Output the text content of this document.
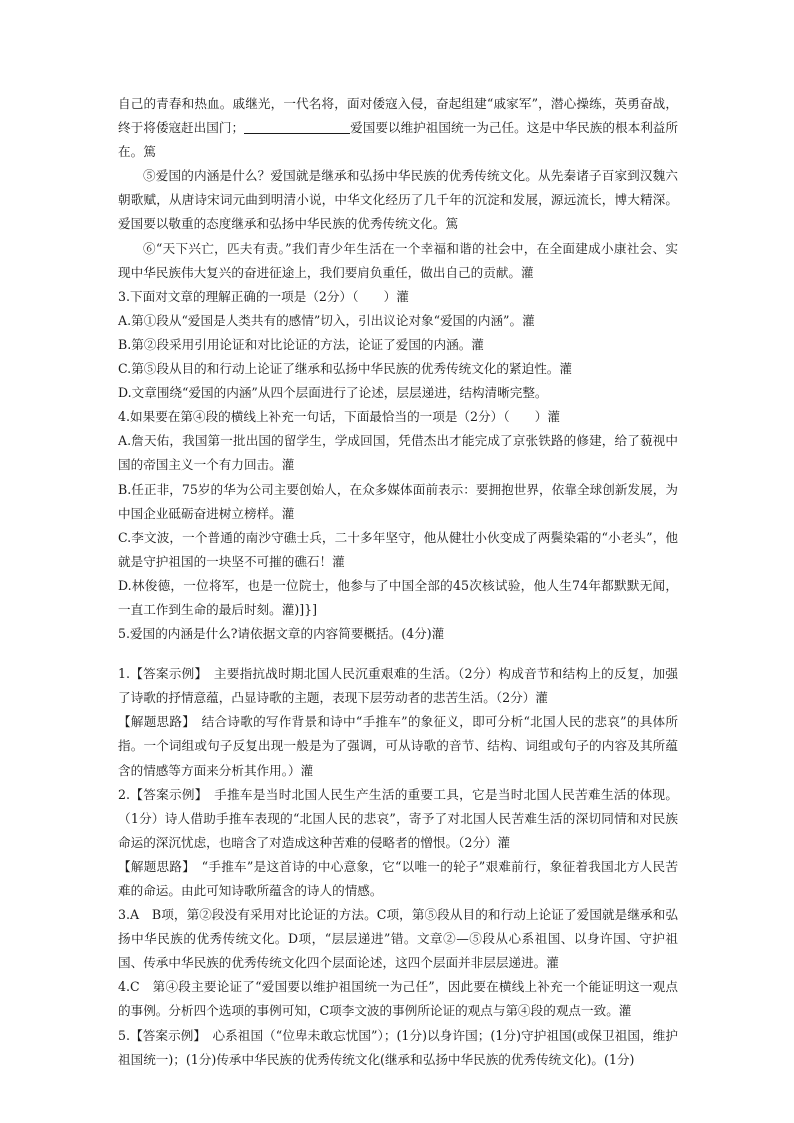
自己的青春和热血。戚继光，一代名将，面对倭寇入侵，奋起组建“戚家军”，潜心操练，英勇奋战，终于将倭寇赶出国门；	爱国要以维护祖国统一为己任。这是中华民族的根本利益所在。篤

⑤爱国的内涵是什么？爱国就是继承和弘扬中华民族的优秀传统文化。从先秦诸子百家到汉魏六朝歌赋，从唐诗宋词元曲到明清小说，中华文化经历了几千年的沉淀和发展，源远流长，博大精深。爱国要以敬重的态度继承和弘扬中华民族的优秀传统文化。篤

⑥“天下兴亡，匹夫有责。”我们青少年生活在一个幸福和谐的社会中，在全面建成小康社会、实现中华民族伟大复兴的奋进征途上，我们要肩负重任，做出自己的贡献。灌

3.下面对文章的理解正确的一项是（2分）（　　）灌

A.第①段从“爱国是人类共有的感情”切入，引出议论对象“爱国的内涵”。灌

B.第②段采用引用论证和对比论证的方法，论证了爱国的内涵。灌

C.第⑤段从目的和行动上论证了继承和弘扬中华民族的优秀传统文化的紧迫性。灌

D.文章围绕“爱国的内涵”从四个层面进行了论述，层层递进，结构清晰完整。

4.如果要在第④段的横线上补充一句话，下面最恰当的一项是（2分）（　　）灌

A.詹天佑，我国第一批出国的留学生，学成回国，凭借杰出才能完成了京张铁路的修建，给了藐视中国的帝国主义一个有力回击。灌

B.任正非，75岁的华为公司主要创始人，在众多媒体面前表示：要拥抱世界，依靠全球创新发展，为中国企业砥砺奋进树立榜样。灌

C.李文波，一个普通的南沙守礁士兵，二十多年坚守，他从健壮小伙变成了两鬓染霜的“小老头”，他就是守护祖国的一块坚不可摧的礁石！灌

D.林俊德，一位将军，也是一位院士，他参与了中国全部的45次核试验，他人生74年都默默无闻，一直工作到生命的最后时刻。灌)]}]

5.爱国的内涵是什么?请依据文章的内容简要概括。(4分)灌

1.【答案示例】　主要指抗战时期北国人民沉重艰难的生活。（2分）构成音节和结构上的反复，加强了诗歌的抒情意蕴，凸显诗歌的主题，表现下层劳动者的悲苦生活。（2分）灌

【解题思路】　结合诗歌的写作背景和诗中“手推车”的象征义，即可分析“北国人民的悲哀”的具体所指。一个词组或句子反复出现一般是为了强调，可从诗歌的音节、结构、词组或句子的内容及其所蕴含的情感等方面来分析其作用。）灌

2.【答案示例】　手推车是当时北国人民生产生活的重要工具，它是当时北国人民苦难生活的体现。（1分）诗人借助手推车表现的“北国人民的悲哀”，寄予了对北国人民苦难生活的深切同情和对民族命运的深沉忧虑，也暗含了对造成这种苦难的侵略者的憎恨。（2分）灌

【解题思路】　“手推车”是这首诗的中心意象，它“以唯一的轮子”艰难前行，象征着我国北方人民苦难的命运。由此可知诗歌所蕴含的诗人的情感。

3.A　B项，第②段没有采用对比论证的方法。C项，第⑤段从目的和行动上论证了爱国就是继承和弘扬中华民族的优秀传统文化。D项，“层层递进”错。文章②—⑤段从心系祖国、以身许国、守护祖国、传承中华民族的优秀传统文化四个层面论述，这四个层面并非层层递进。灌

4.C　第④段主要论证了“爱国要以维护祖国统一为己任”，因此要在横线上补充一个能证明这一观点的事例。分析四个选项的事例可知，C项李文波的事例所论证的观点与第④段的观点一致。灌

5.【答案示例】　心系祖国（“位卑未敢忘忧国”）；(1分)以身许国；(1分)守护祖国(或保卫祖国，维护祖国统一)；(1分)传承中华民族的优秀传统文化(继承和弘扬中华民族的优秀传统文化)。(1分)
